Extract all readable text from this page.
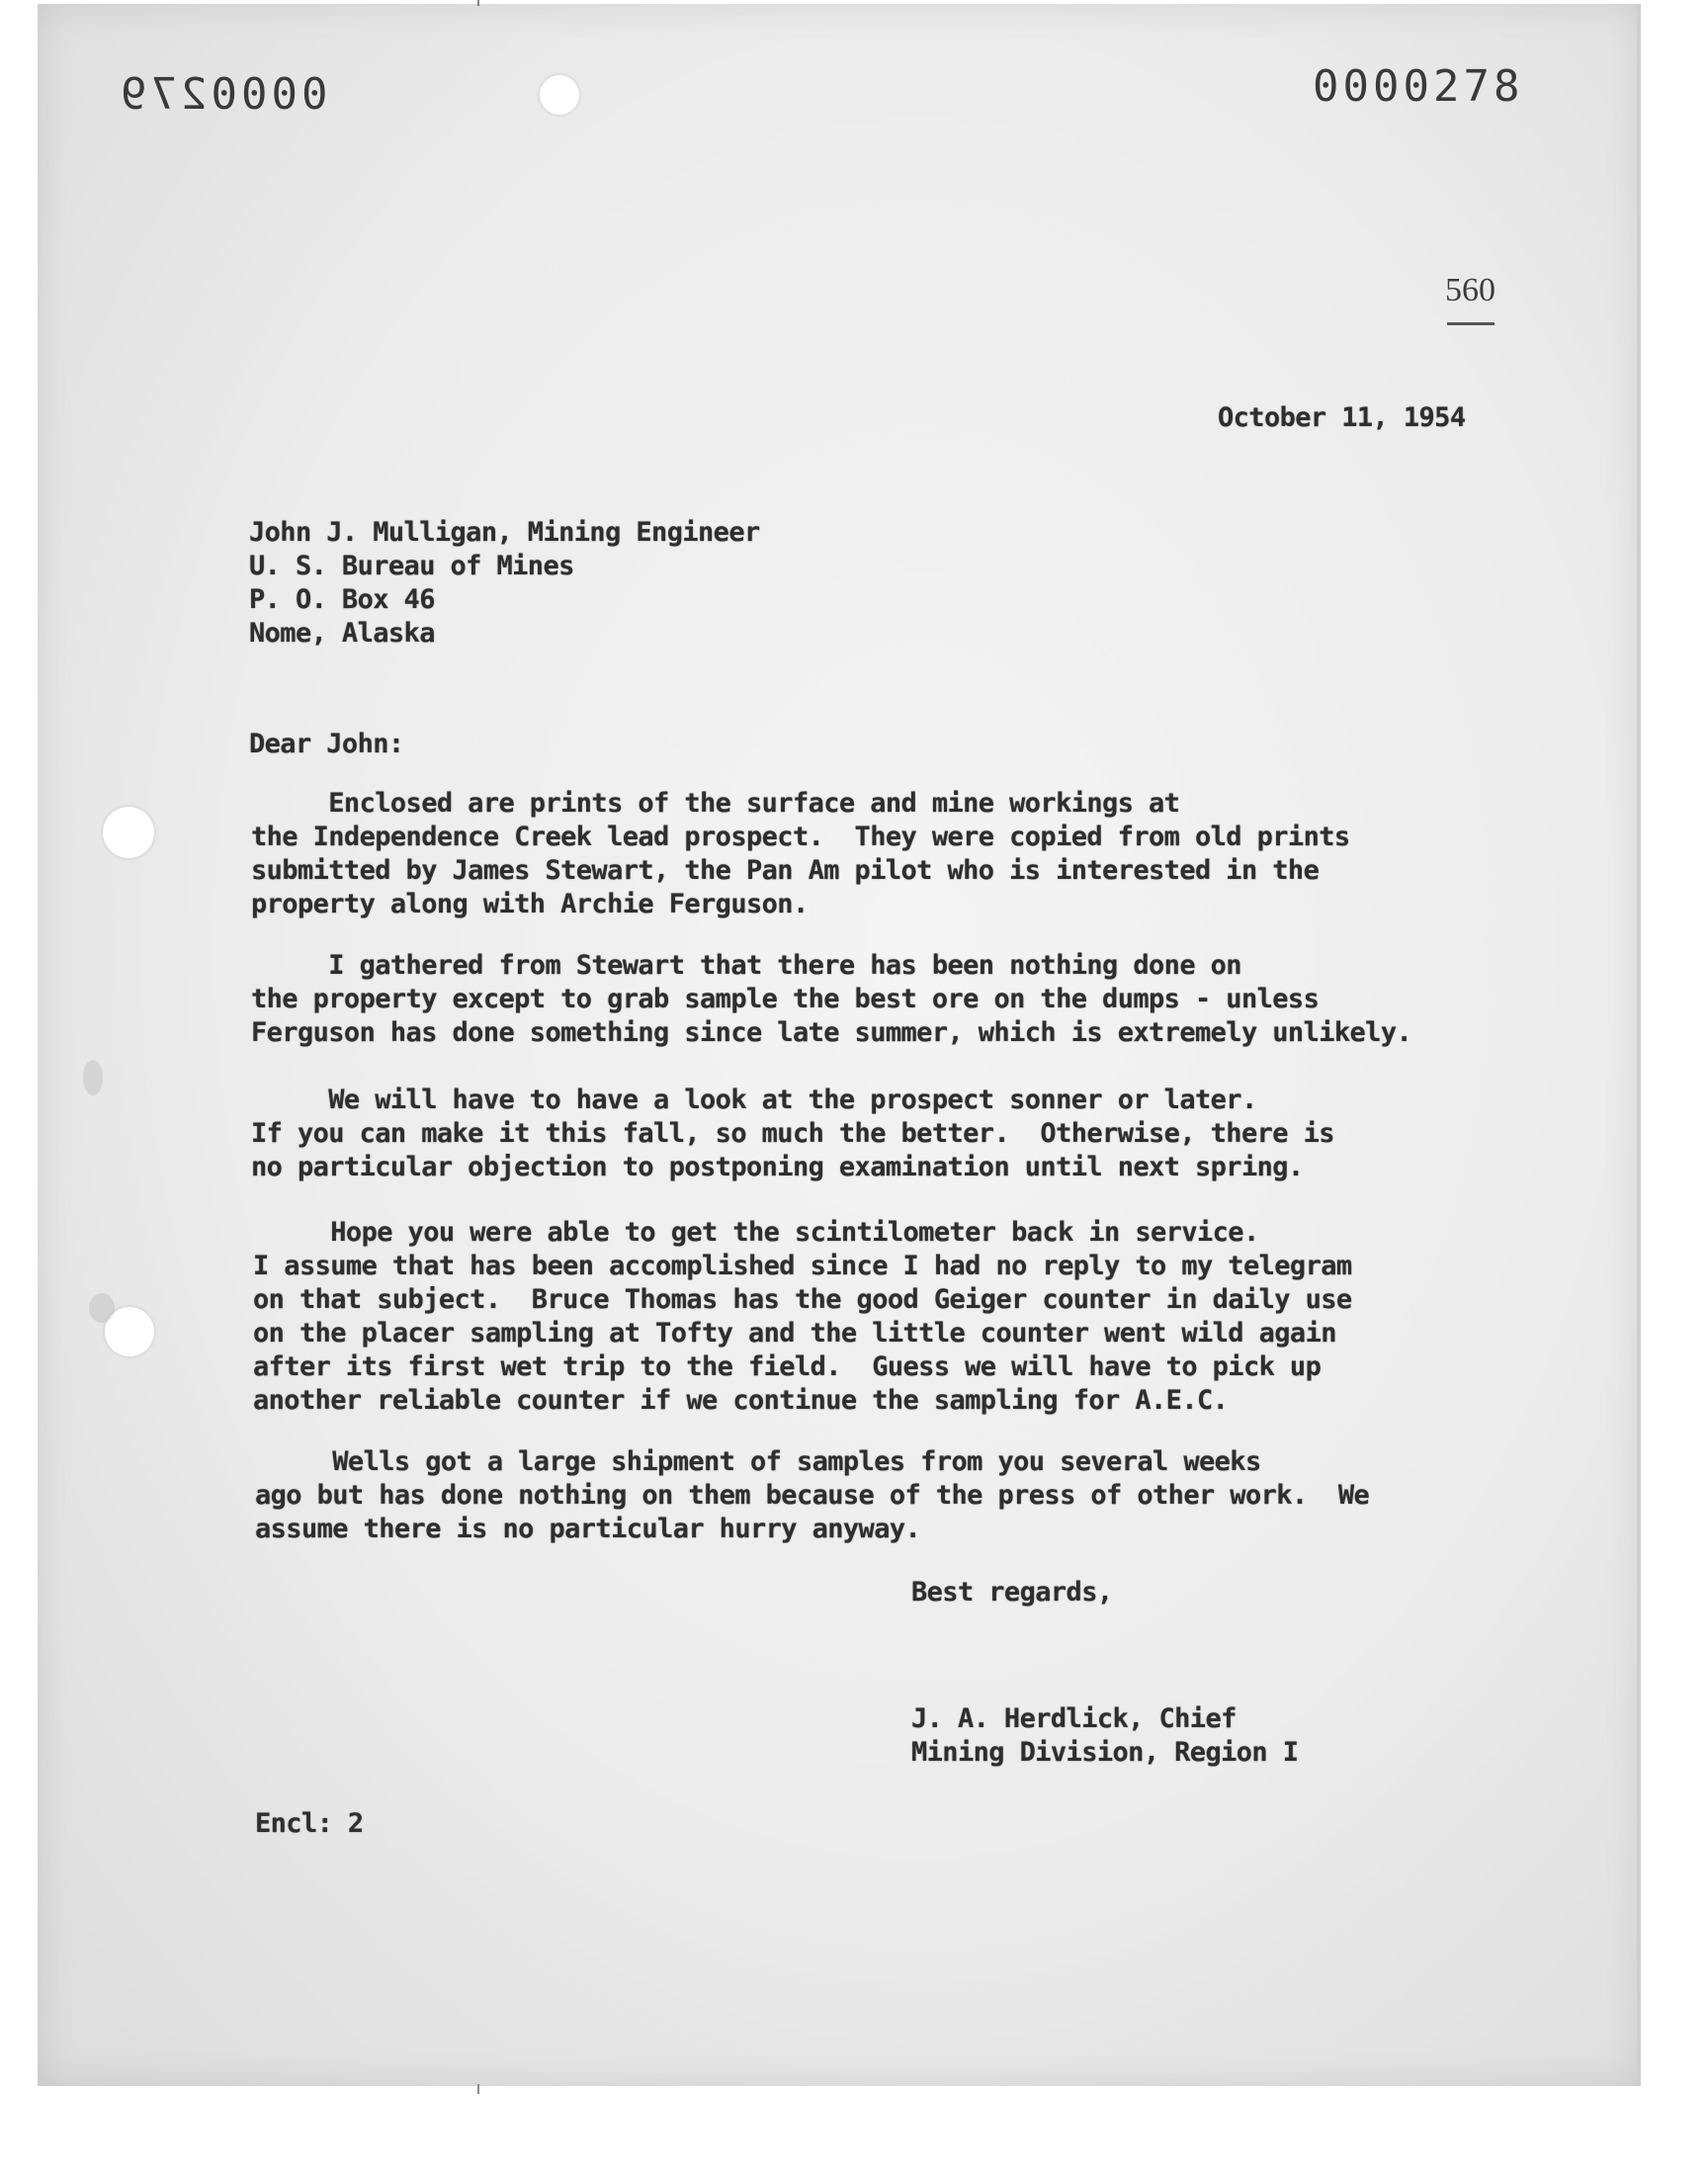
0000279	0000278
560
October 11, 1954
John J. Mulligan, Mining Engineer
U. S. Bureau of Mines
P. O. Box 46
Nome, Alaska
Dear John:
Enclosed are prints of the surface and mine workings at
the Independence Creek lead prospect.  They were copied from old prints
submitted by James Stewart, the Pan Am pilot who is interested in the
property along with Archie Ferguson.
I gathered from Stewart that there has been nothing done on
the property except to grab sample the best ore on the dumps - unless
Ferguson has done something since late summer, which is extremely unlikely.
We will have to have a look at the prospect sonner or later.
If you can make it this fall, so much the better.  Otherwise, there is
no particular objection to postponing examination until next spring.
Hope you were able to get the scintilometer back in service.
I assume that has been accomplished since I had no reply to my telegram
on that subject.  Bruce Thomas has the good Geiger counter in daily use
on the placer sampling at Tofty and the little counter went wild again
after its first wet trip to the field.  Guess we will have to pick up
another reliable counter if we continue the sampling for A.E.C.
Wells got a large shipment of samples from you several weeks
ago but has done nothing on them because of the press of other work.  We
assume there is no particular hurry anyway.
Best regards,
J. A. Herdlick, Chief
Mining Division, Region I
Encl: 2
